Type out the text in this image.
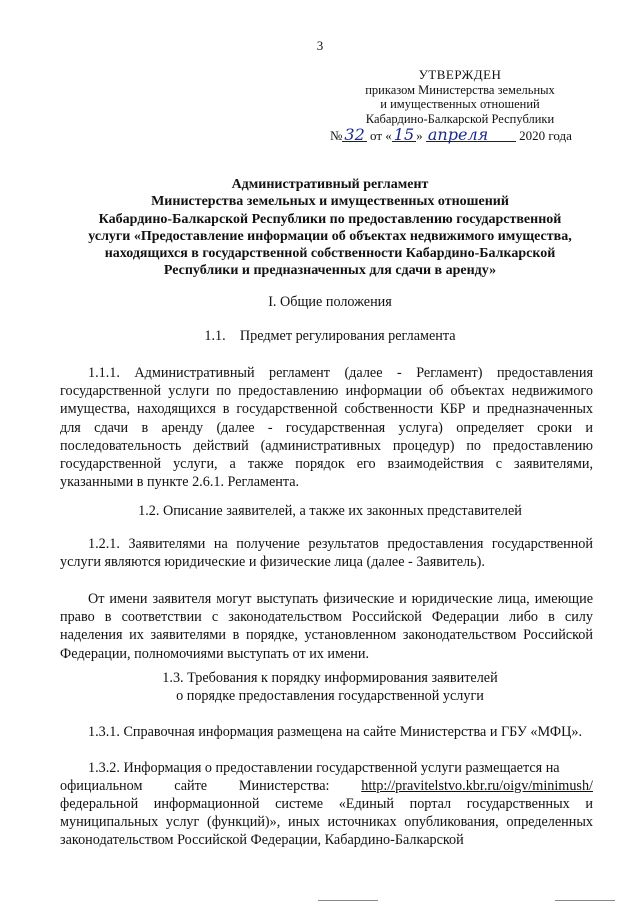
3
УТВЕРЖДЕН
приказом Министерства земельных
и имущественных отношений
Кабардино-Балкарской Республики
№ 32 от « 15 » апреля 2020 года
Административный регламент
Министерства земельных и имущественных отношений
Кабардино-Балкарской Республики по предоставлению государственной
услуги «Предоставление информации об объектах недвижимого имущества,
находящихся в государственной собственности Кабардино-Балкарской
Республики и предназначенных для сдачи в аренду»
I. Общие положения
1.1.    Предмет регулирования регламента
1.1.1. Административный регламент (далее - Регламент) предоставления государственной услуги по предоставлению информации об объектах недвижимого имущества, находящихся в государственной собственности КБР и предназначенных для сдачи в аренду (далее - государственная услуга) определяет сроки и последовательность действий (административных процедур) по предоставлению государственной услуги, а также порядок его взаимодействия с заявителями, указанными в пункте 2.6.1. Регламента.
1.2. Описание заявителей, а также их законных представителей
1.2.1. Заявителями на получение результатов предоставления государственной услуги являются юридические и физические лица (далее - Заявитель).
От имени заявителя могут выступать физические и юридические лица, имеющие право в соответствии с законодательством Российской Федерации либо в силу наделения их заявителями в порядке, установленном законодательством Российской Федерации, полномочиями выступать от их имени.
1.3. Требования к порядку информирования заявителей
о порядке предоставления государственной услуги
1.3.1. Справочная информация размещена на сайте Министерства и ГБУ «МФЦ».
1.3.2. Информация о предоставлении государственной услуги размещается на
официальном сайте Министерства: http://pravitelstvo.kbr.ru/oigv/minimush/
федеральной информационной системе «Единый портал государственных и муниципальных услуг (функций)», иных источниках опубликования, определенных законодательством Российской Федерации, Кабардино-Балкарской
